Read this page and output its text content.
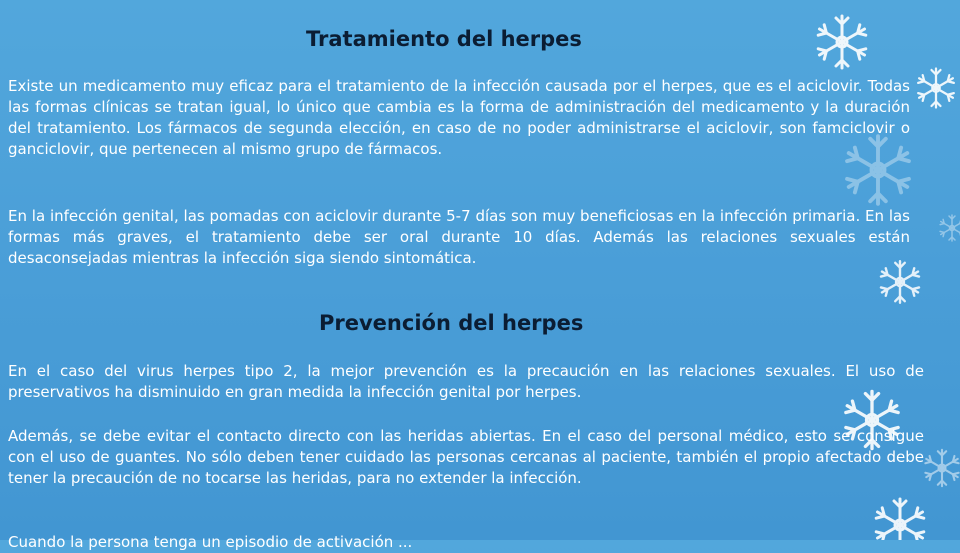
Tratamiento del herpes

Existe un medicamento muy eficaz para el tratamiento de la infección causada por el herpes, que es el aciclovir. Todas las formas clínicas se tratan igual, lo único que cambia es la forma de administración del medicamento y la duración del tratamiento. Los fármacos de segunda elección, en caso de no poder administrarse el aciclovir, son famciclovir o ganciclovir, que pertenecen al mismo grupo de fármacos.

En la infección genital, las pomadas con aciclovir durante 5-7 días son muy beneficiosas en la infección primaria. En las formas más graves, el tratamiento debe ser oral durante 10 días. Además las relaciones sexuales están desaconsejadas mientras la infección siga siendo sintomática.

Prevención del herpes

En el caso del virus herpes tipo 2, la mejor prevención es la precaución en las relaciones sexuales. El uso de preservativos ha disminuido en gran medida la infección genital por herpes.

Además, se debe evitar el contacto directo con las heridas abiertas. En el caso del personal médico, esto se consigue con el uso de guantes. No sólo deben tener cuidado las personas cercanas al paciente, también el propio afectado debe tener la precaución de no tocarse las heridas, para no extender la infección.

Cuando la persona tenga un episodio de activación ...
